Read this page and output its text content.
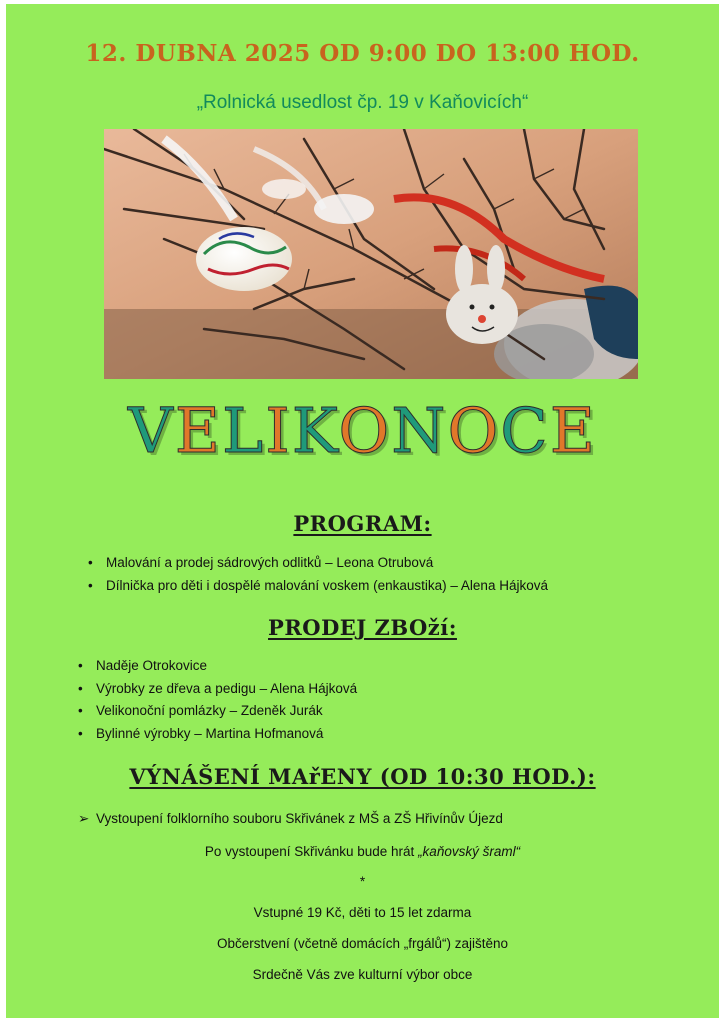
12. DUBNA 2025 OD 9:00 DO 13:00 HOD.
„Rolnická usedlost čp. 19 v Kaňovicích“
VELIKONOCE
PROGRAM:
• Malování a prodej sádrových odlitků – Leona Otrubová
• Dílnička pro děti i dospělé malování voskem (enkaustika) – Alena Hájková
PRODEJ ZBOží:
• Naděje Otrokovice
• Výrobky ze dřeva a pedigu – Alena Hájková
• Velikonoční pomlázky – Zdeněk Jurák
• Bylinné výrobky – Martina Hofmanová
VÝNÁŠENÍ MAřENY (OD 10:30 HOD.):
➢ Vystoupení folklorního souboru Skřivánek z MŠ a ZŠ Hřivínův Újezd
Po vystoupení Skřivánku bude hrát „kaňovský šraml“
*
Vstupné 19 Kč, děti to 15 let zdarma
Občerstvení (včetně domácích „frgálů“) zajištěno
Srdečně Vás zve kulturní výbor obce
